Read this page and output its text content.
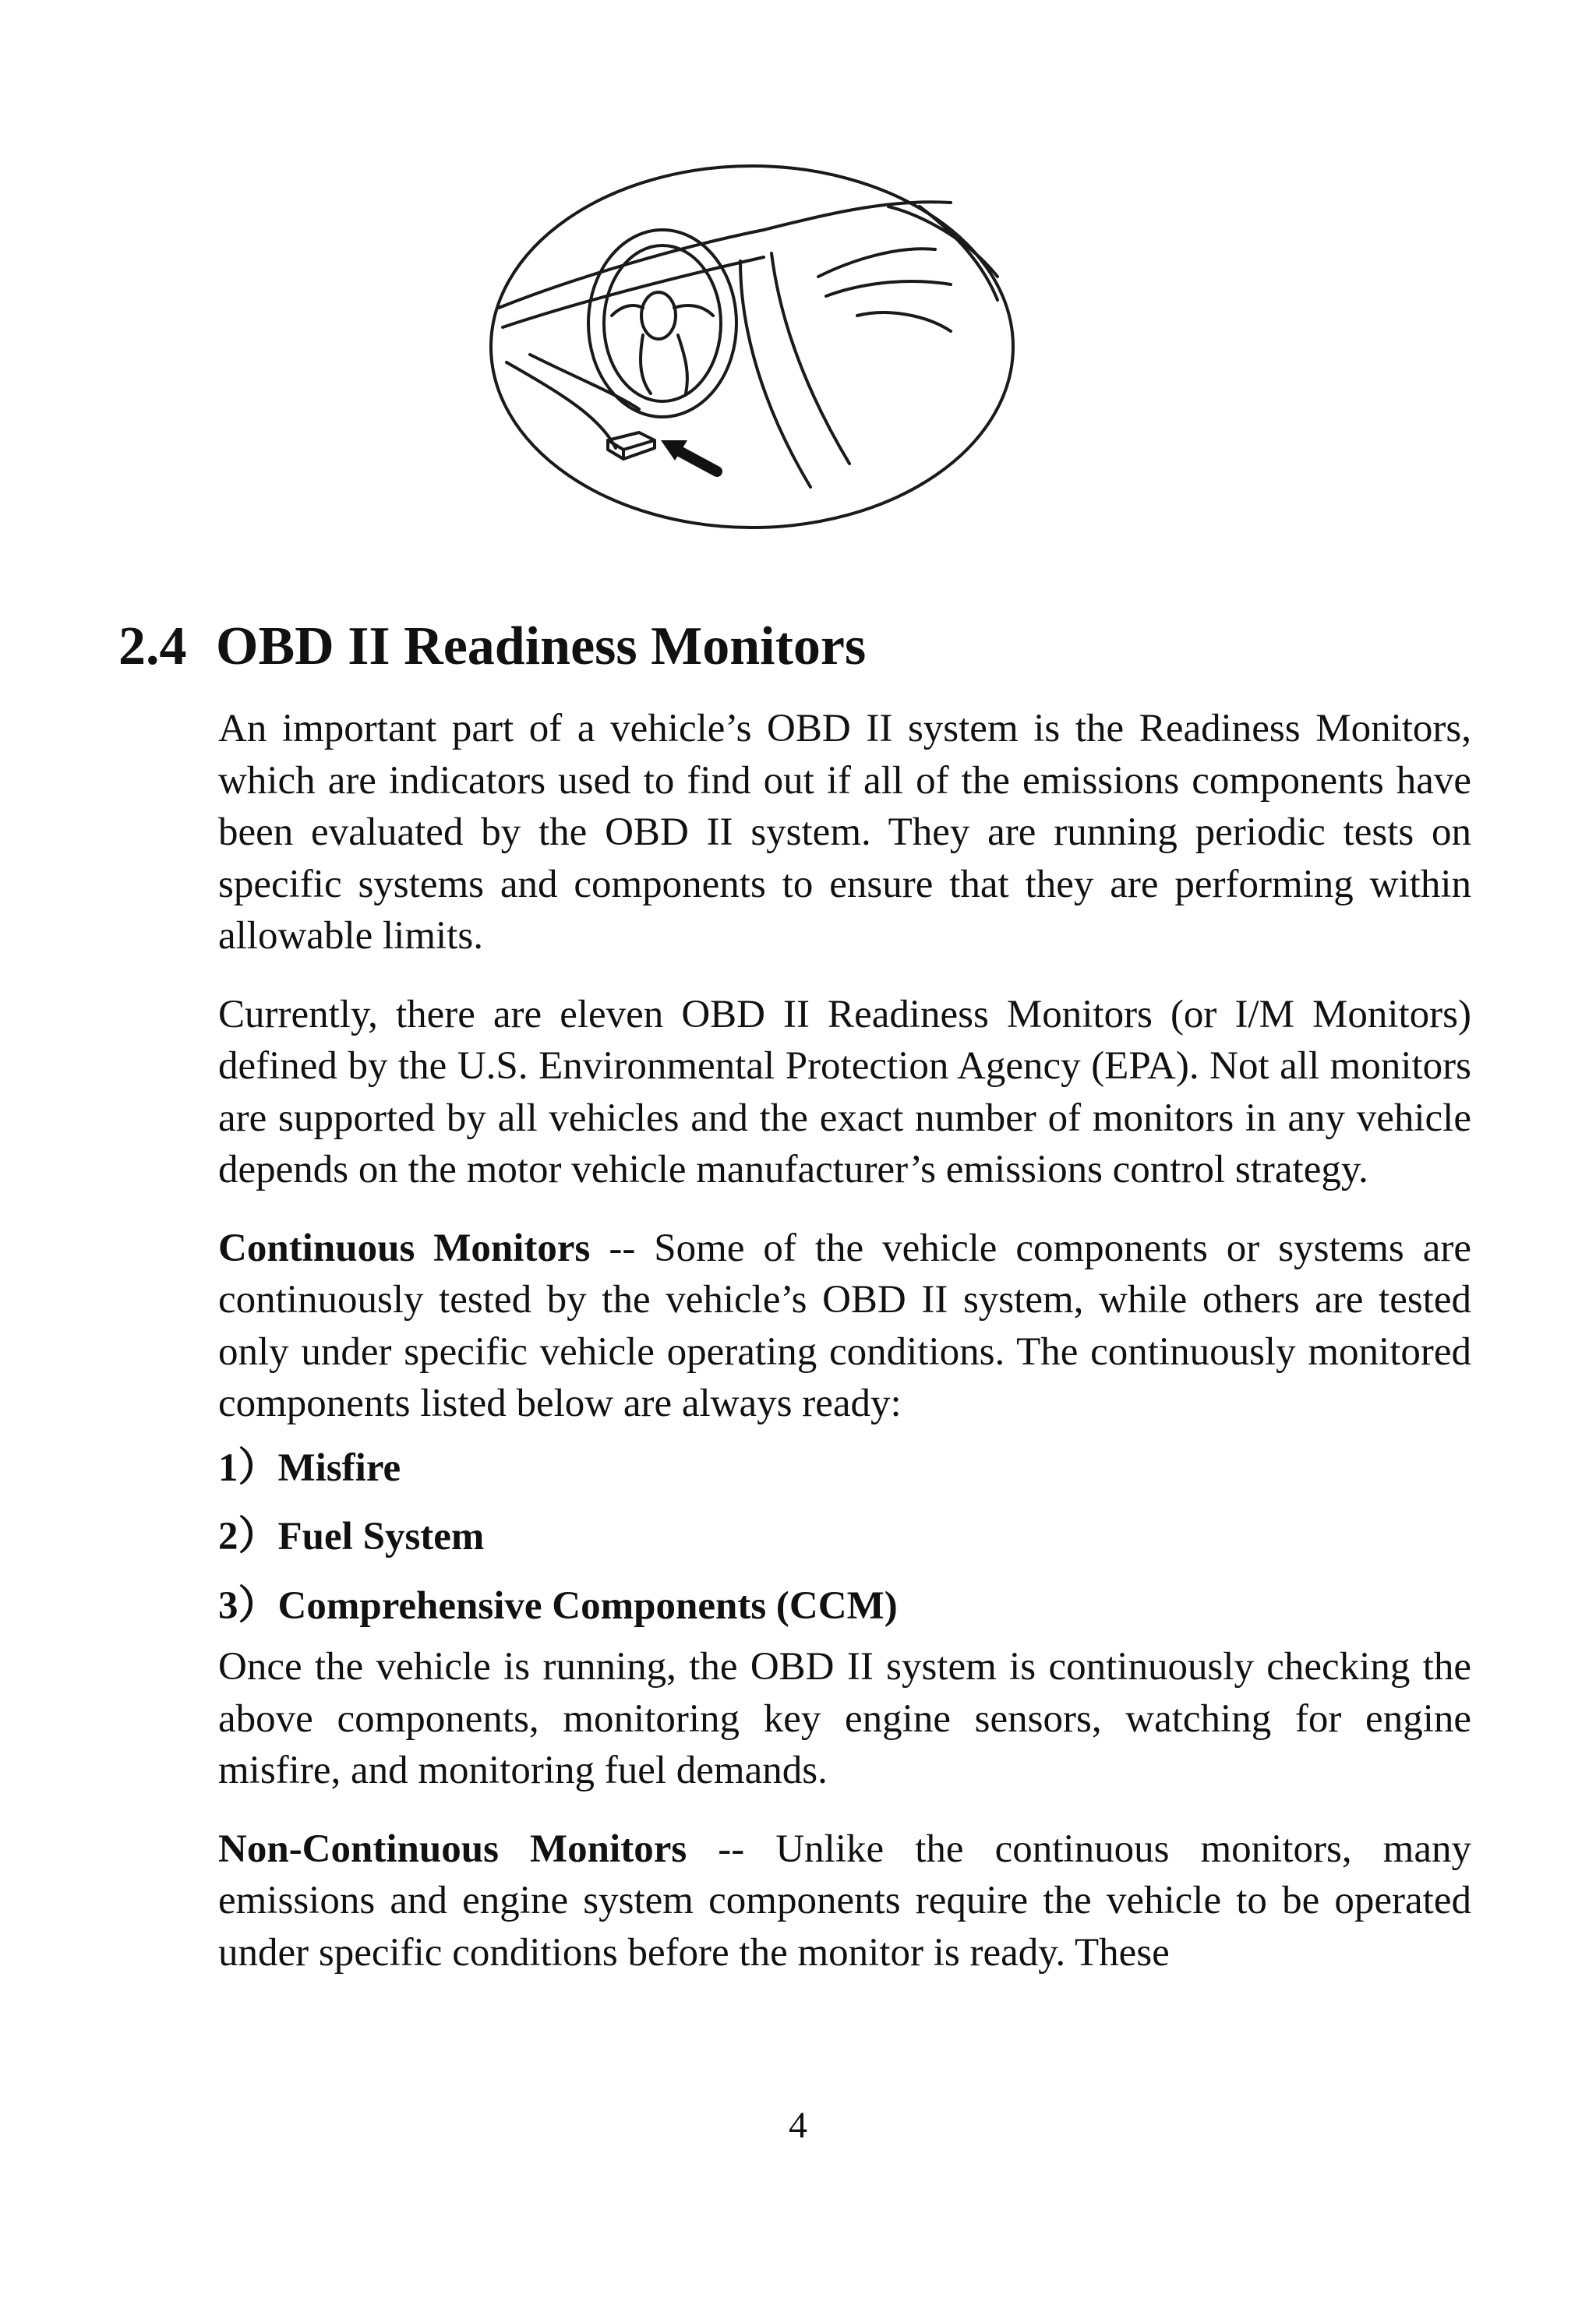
2.4 OBD II Readiness Monitors

An important part of a vehicle’s OBD II system is the Readiness Monitors, which are indicators used to find out if all of the emissions components have been evaluated by the OBD II system. They are running periodic tests on specific systems and components to ensure that they are performing within allowable limits.

Currently, there are eleven OBD II Readiness Monitors (or I/M Monitors) defined by the U.S. Environmental Protection Agency (EPA). Not all monitors are supported by all vehicles and the exact number of monitors in any vehicle depends on the motor vehicle manufacturer’s emissions control strategy.

Continuous Monitors -- Some of the vehicle components or systems are continuously tested by the vehicle’s OBD II system, while others are tested only under specific vehicle operating conditions. The continuously monitored components listed below are always ready:

1）Misfire
2）Fuel System
3）Comprehensive Components (CCM)

Once the vehicle is running, the OBD II system is continuously checking the above components, monitoring key engine sensors, watching for engine misfire, and monitoring fuel demands.

Non-Continuous Monitors -- Unlike the continuous monitors, many emissions and engine system components require the vehicle to be operated under specific conditions before the monitor is ready. These

4
